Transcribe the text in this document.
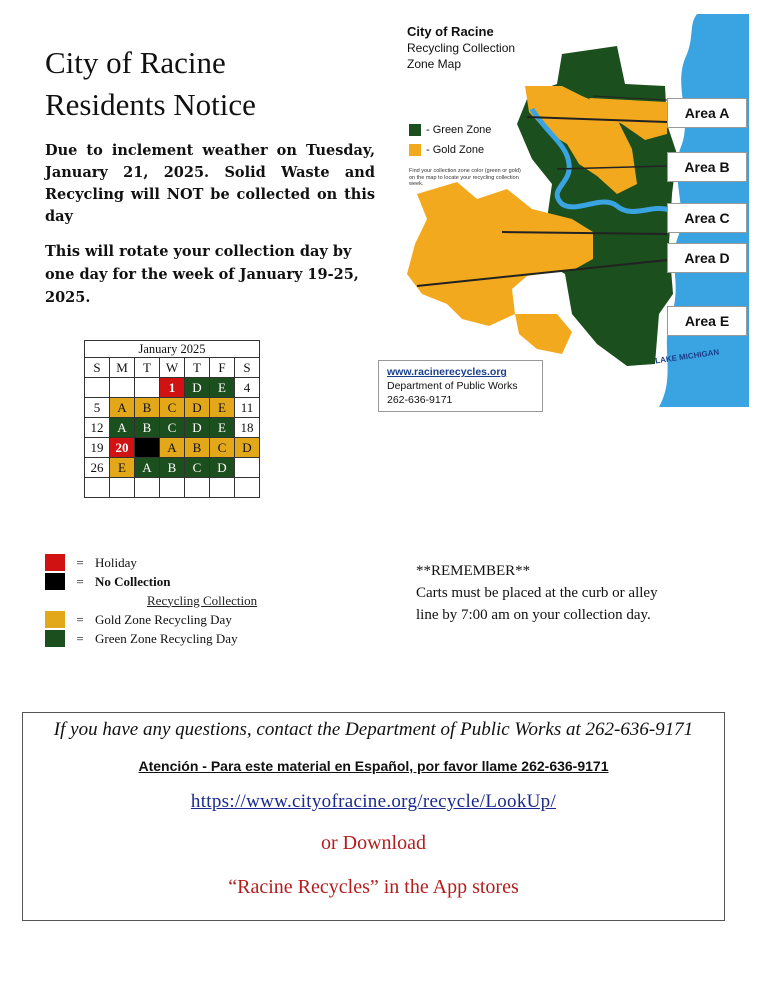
City of Racine
Residents Notice

Due to inclement weather on Tuesday, January 21, 2025. Solid Waste and Recycling will NOT be collected on this day

This will rotate your collection day by one day for the week of January 19-25, 2025.

City of Racine
Recycling Collection
Zone Map
- Green Zone
- Gold Zone
Find your collection zone color (green or gold) on the map to locate your recycling collection week.
Area A
Area B
Area C
Area D
Area E
LAKE MICHIGAN
www.racinerecycles.org
Department of Public Works
262-636-9171
January 2025						
S	M	T	W	T	F	S
			1	D	E	4
5	A	B	C	D	E	11
12	A	B	C	D	E	18
19	20		A	B	C	D
26	E	A	B	C	D	

= Holiday
= No Collection
Recycling Collection
= Gold Zone Recycling Day
= Green Zone Recycling Day
**REMEMBER**
Carts must be placed at the curb or alley
line by 7:00 am on your collection day.
If you have any questions, contact the Department of Public Works at 262-636-9171
Atención - Para este material en Español, por favor llame 262-636-9171
https://www.cityofracine.org/recycle/LookUp/
or Download
“Racine Recycles” in the App stores
